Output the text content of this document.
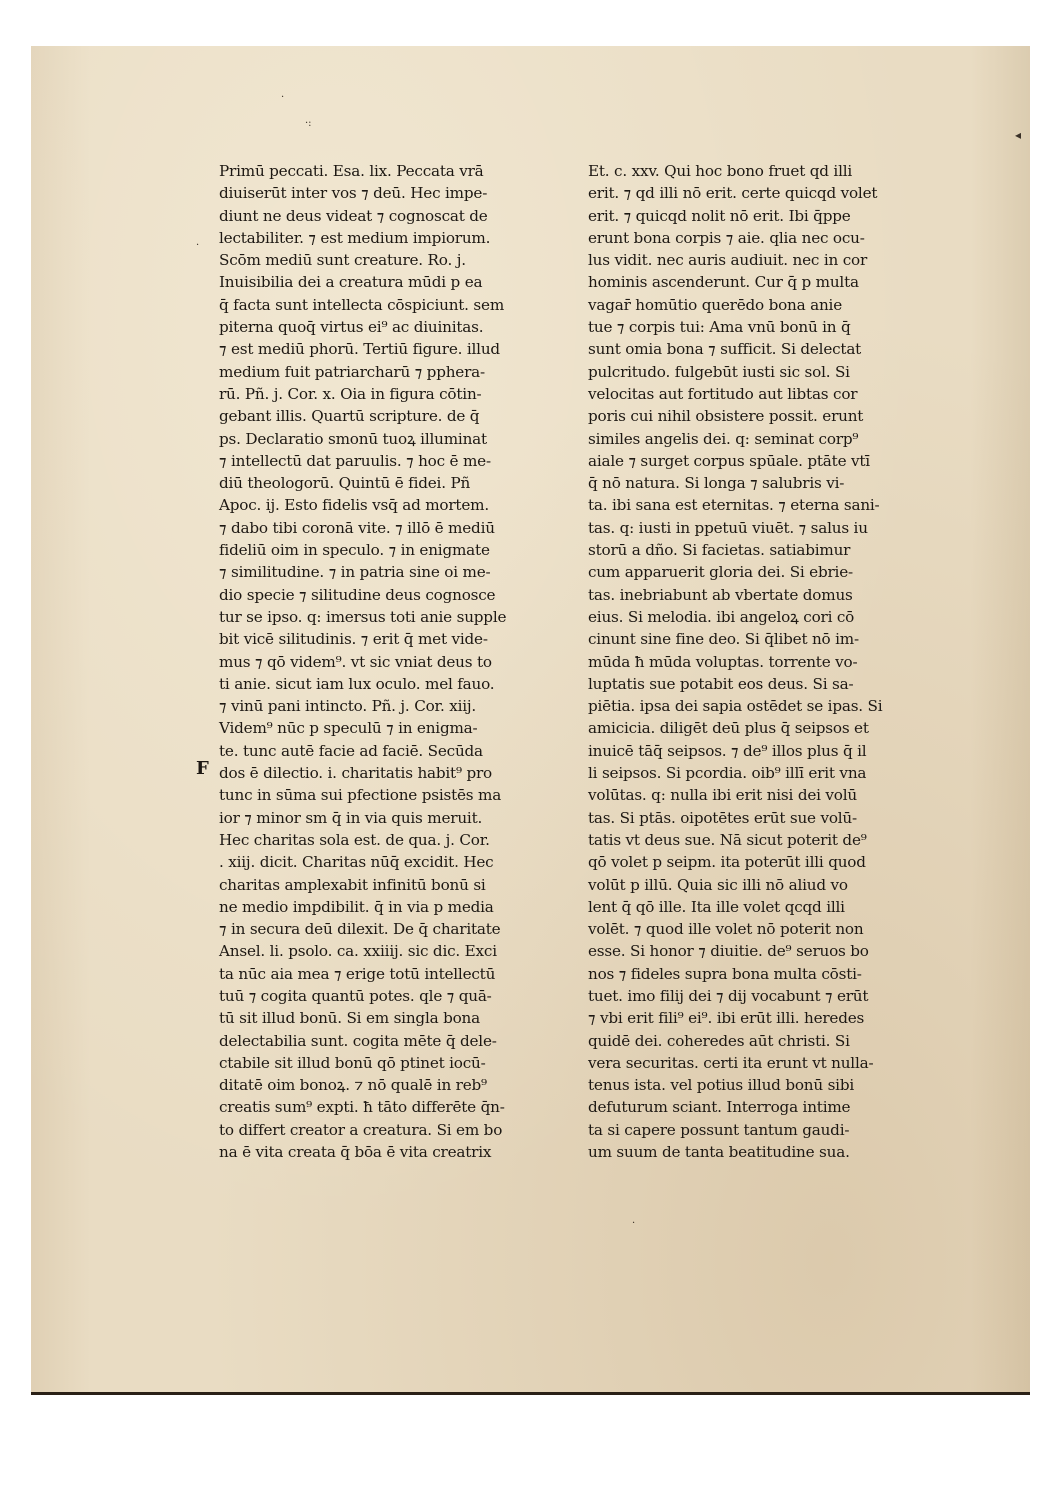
·
·:
◂
·
·
F
Primū peccati. Esa. lix. Peccata vrā
diuiserūt inter vos ⁊ deū. Hec impe-
diunt ne deus videat ⁊ cognoscat de
lectabiliter. ⁊ est medium impiorum.
Scōm mediū sunt creature. Ro. j.
Inuisibilia dei a creatura mūdi p ea
q̄ facta sunt intellecta cōspiciunt. sem
piterna quoq̄ virtus ei⁹ ac diuinitas.
⁊ est mediū phorū. Tertiū figure. illud
medium fuit patriarcharū ⁊ pphera-
rū. Pñ. j. Cor. x. Oia in figura cōtin-
gebant illis. Quartū scripture. de q̄
ps. Declaratio smonū tuoꝝ illuminat
⁊ intellectū dat paruulis. ⁊ hoc ē me-
diū theologorū. Quintū ē fidei. Pñ
Apoc. ij. Esto fidelis vsq̄ ad mortem.
⁊ dabo tibi coronā vite. ⁊ illō ē mediū
fideliū oim in speculo. ⁊ in enigmate
⁊ similitudine. ⁊ in patria sine oi me-
dio specie ⁊ silitudine deus cognosce
tur se ipso. q: imersus toti anie supple
bit vicē silitudinis. ⁊ erit q̄ met vide-
mus ⁊ qō videm⁹. vt sic vniat deus to
ti anie. sicut iam lux oculo. mel fauo.
⁊ vinū pani intincto. Pñ. j. Cor. xiij.
Videm⁹ nūc p speculū ⁊ in enigma-
te. tunc autē facie ad faciē. Secūda
dos ē dilectio. i. charitatis habit⁹ pro
tunc in sūma sui pfectione psistēs ma
ior ⁊ minor sm q̄ in via quis meruit.
Hec charitas sola est. de qua. j. Cor.
. xiij. dicit. Charitas nūq̄ excidit. Hec
charitas amplexabit infinitū bonū si
ne medio impdibilit. q̄ in via p media
⁊ in secura deū dilexit. De q̄ charitate
Ansel. li. psolo. ca. xxiiij. sic dic. Exci
ta nūc aia mea ⁊ erige totū intellectū
tuū ⁊ cogita quantū potes. qle ⁊ quā-
tū sit illud bonū. Si em singla bona
delectabilia sunt. cogita mēte q̄ dele-
ctabile sit illud bonū qō ptinet iocū-
ditatē oim bonoꝝ. ⁊ nō qualē in reb⁹
creatis sum⁹ expti. ħ tāto differēte q̄n-
to differt creator a creatura. Si em bo
na ē vita creata q̄ bōa ē vita creatrix
Et. c. xxv. Qui hoc bono fruet qd illi
erit. ⁊ qd illi nō erit. certe quicqd volet
erit. ⁊ quicqd nolit nō erit. Ibi q̄ppe
erunt bona corpis ⁊ aie. qlia nec ocu-
lus vidit. nec auris audiuit. nec in cor
hominis ascenderunt. Cur q̄ p multa
vagar̄ homūtio querēdo bona anie
tue ⁊ corpis tui: Ama vnū bonū in q̄
sunt omia bona ⁊ sufficit. Si delectat
pulcritudo. fulgebūt iusti sic sol. Si
velocitas aut fortitudo aut libtas cor
poris cui nihil obsistere possit. erunt
similes angelis dei. q: seminat corp⁹
aiale ⁊ surget corpus spūale. ptāte vtī
q̄ nō natura. Si longa ⁊ salubris vi-
ta. ibi sana est eternitas. ⁊ eterna sani-
tas. q: iusti in ppetuū viuēt. ⁊ salus iu
storū a dño. Si facietas. satiabimur
cum apparuerit gloria dei. Si ebrie-
tas. inebriabunt ab vbertate domus
eius. Si melodia. ibi angeloꝝ cori cō
cinunt sine fine deo. Si q̄libet nō im-
mūda ħ mūda voluptas. torrente vo-
luptatis sue potabit eos deus. Si sa-
piētia. ipsa dei sapia ostēdet se ipas. Si
amicicia. diligēt deū plus q̄ seipsos et
inuicē tāq̄ seipsos. ⁊ de⁹ illos plus q̄ il
li seipsos. Si pcordia. oib⁹ illī erit vna
volūtas. q: nulla ibi erit nisi dei volū
tas. Si ptās. oipotētes erūt sue volū-
tatis vt deus sue. Nā sicut poterit de⁹
qō volet p seipm. ita poterūt illi quod
volūt p illū. Quia sic illi nō aliud vo
lent q̄ qō ille. Ita ille volet qcqd illi
volēt. ⁊ quod ille volet nō poterit non
esse. Si honor ⁊ diuitie. de⁹ seruos bo
nos ⁊ fideles supra bona multa cōsti-
tuet. imo filij dei ⁊ dij vocabunt ⁊ erūt
⁊ vbi erit fili⁹ ei⁹. ibi erūt illi. heredes
quidē dei. coheredes aūt christi. Si
vera securitas. certi ita erunt vt nulla-
tenus ista. vel potius illud bonū sibi
defuturum sciant. Interroga intime
ta si capere possunt tantum gaudi-
um suum de tanta beatitudine sua.
